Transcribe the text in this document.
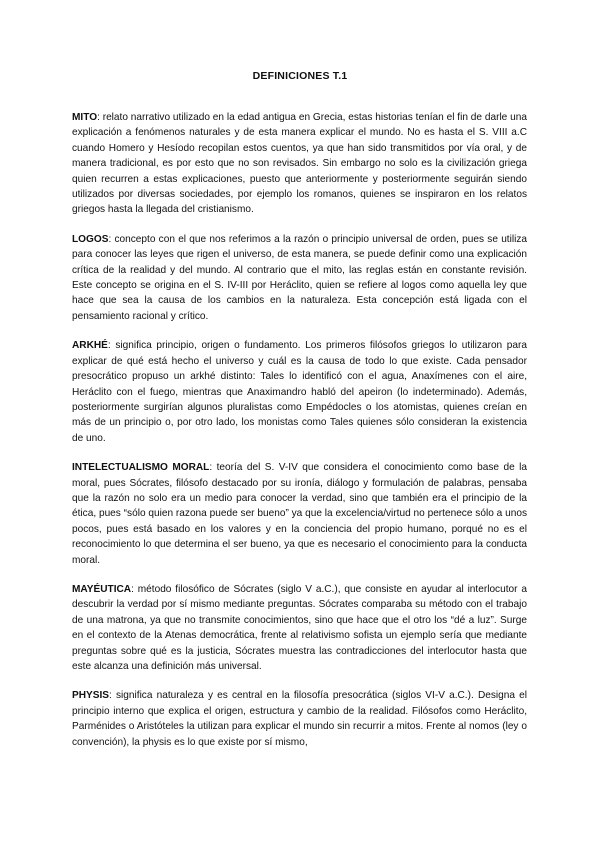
DEFINICIONES T.1

MITO: relato narrativo utilizado en la edad antigua en Grecia, estas historias tenían el fin de darle una explicación a fenómenos naturales y de esta manera explicar el mundo. No es hasta el S. VIII a.C cuando Homero y Hesíodo recopilan estos cuentos, ya que han sido transmitidos por vía oral, y de manera tradicional, es por esto que no son revisados. Sin embargo no solo es la civilización griega quien recurren a estas explicaciones, puesto que anteriormente y posteriormente seguirán siendo utilizados por diversas sociedades, por ejemplo los romanos, quienes se inspiraron en los relatos griegos hasta la llegada del cristianismo.

LOGOS: concepto con el que nos referimos a la razón o principio universal de orden, pues se utiliza para conocer las leyes que rigen el universo, de esta manera, se puede definir como una explicación crítica de la realidad y del mundo. Al contrario que el mito, las reglas están en constante revisión. Este concepto se origina en el S. IV-III por Heráclito, quien se refiere al logos como aquella ley que hace que sea la causa de los cambios en la naturaleza. Esta concepción está ligada con el pensamiento racional y crítico.

ARKHÉ: significa principio, origen o fundamento. Los primeros filósofos griegos lo utilizaron para explicar de qué está hecho el universo y cuál es la causa de todo lo que existe. Cada pensador presocrático propuso un arkhé distinto: Tales lo identificó con el agua, Anaxímenes con el aire, Heráclito con el fuego, mientras que Anaximandro habló del apeiron (lo indeterminado). Además, posteriormente surgirían algunos pluralistas como Empédocles o los atomistas, quienes creían en más de un principio o, por otro lado, los monistas como Tales quienes sólo consideran la existencia de uno.

INTELECTUALISMO MORAL: teoría del S. V-IV que considera el conocimiento como base de la moral, pues Sócrates, filósofo destacado por su ironía, diálogo y formulación de palabras, pensaba que la razón no solo era un medio para conocer la verdad, sino que también era el principio de la ética, pues “sólo quien razona puede ser bueno” ya que la excelencia/virtud no pertenece sólo a unos pocos, pues está basado en los valores y en la conciencia del propio humano, porqué no es el reconocimiento lo que determina el ser bueno, ya que es necesario el conocimiento para la conducta moral.

MAYÉUTICA: método filosófico de Sócrates (siglo V a.C.), que consiste en ayudar al interlocutor a descubrir la verdad por sí mismo mediante preguntas. Sócrates comparaba su método con el trabajo de una matrona, ya que no transmite conocimientos, sino que hace que el otro los “dé a luz”. Surge en el contexto de la Atenas democrática, frente al relativismo sofista un ejemplo sería que mediante preguntas sobre qué es la justicia, Sócrates muestra las contradicciones del interlocutor hasta que este alcanza una definición más universal.

PHYSIS: significa naturaleza y es central en la filosofía presocrática (siglos VI-V a.C.). Designa el principio interno que explica el origen, estructura y cambio de la realidad. Filósofos como Heráclito, Parménides o Aristóteles la utilizan para explicar el mundo sin recurrir a mitos. Frente al nomos (ley o convención), la physis es lo que existe por sí mismo,
